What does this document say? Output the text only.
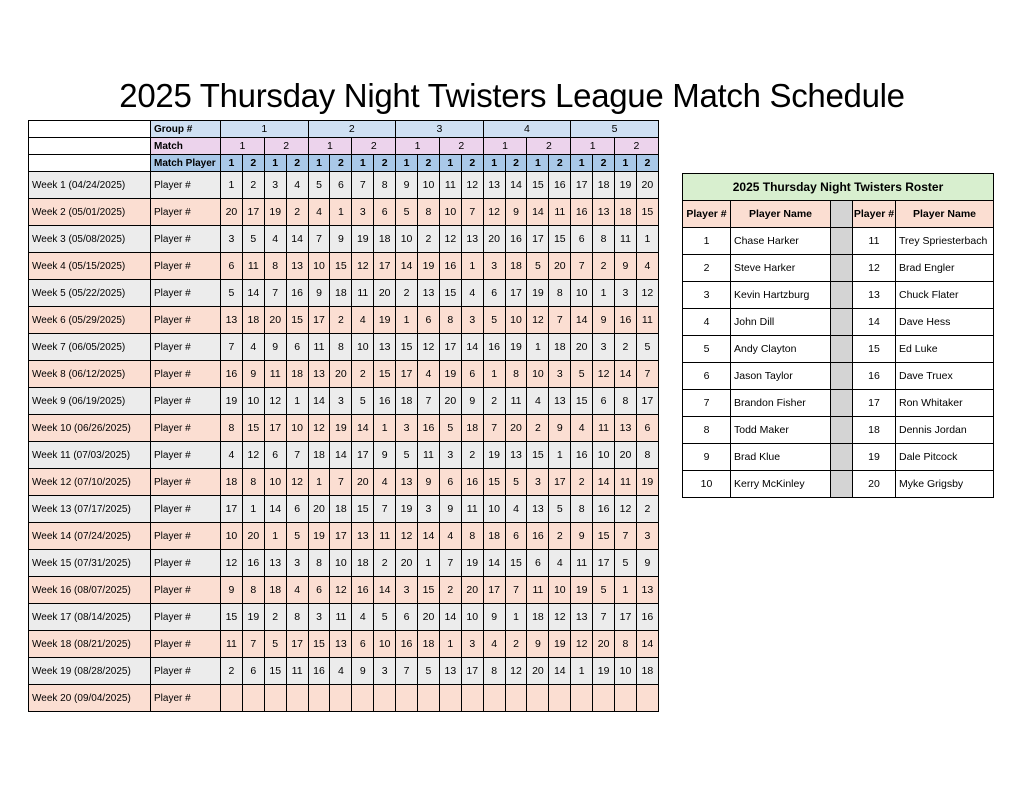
2025 Thursday Night Twisters League Match Schedule
	Group #	1				2				3				4				5			
	Match	1		2		1		2		1		2		1		2		1		2	
	Match Player	1	2	1	2	1	2	1	2	1	2	1	2	1	2	1	2	1	2	1	2
Week 1 (04/24/2025)	Player #	1	2	3	4	5	6	7	8	9	10	11	12	13	14	15	16	17	18	19	20
Week 2 (05/01/2025)	Player #	20	17	19	2	4	1	3	6	5	8	10	7	12	9	14	11	16	13	18	15
Week 3 (05/08/2025)	Player #	3	5	4	14	7	9	19	18	10	2	12	13	20	16	17	15	6	8	11	1
Week 4 (05/15/2025)	Player #	6	11	8	13	10	15	12	17	14	19	16	1	3	18	5	20	7	2	9	4
Week 5 (05/22/2025)	Player #	5	14	7	16	9	18	11	20	2	13	15	4	6	17	19	8	10	1	3	12
Week 6 (05/29/2025)	Player #	13	18	20	15	17	2	4	19	1	6	8	3	5	10	12	7	14	9	16	11
Week 7 (06/05/2025)	Player #	7	4	9	6	11	8	10	13	15	12	17	14	16	19	1	18	20	3	2	5
Week 8 (06/12/2025)	Player #	16	9	11	18	13	20	2	15	17	4	19	6	1	8	10	3	5	12	14	7
Week 9 (06/19/2025)	Player #	19	10	12	1	14	3	5	16	18	7	20	9	2	11	4	13	15	6	8	17
Week 10 (06/26/2025)	Player #	8	15	17	10	12	19	14	1	3	16	5	18	7	20	2	9	4	11	13	6
Week 11 (07/03/2025)	Player #	4	12	6	7	18	14	17	9	5	11	3	2	19	13	15	1	16	10	20	8
Week 12 (07/10/2025)	Player #	18	8	10	12	1	7	20	4	13	9	6	16	15	5	3	17	2	14	11	19
Week 13 (07/17/2025)	Player #	17	1	14	6	20	18	15	7	19	3	9	11	10	4	13	5	8	16	12	2
Week 14 (07/24/2025)	Player #	10	20	1	5	19	17	13	11	12	14	4	8	18	6	16	2	9	15	7	3
Week 15 (07/31/2025)	Player #	12	16	13	3	8	10	18	2	20	1	7	19	14	15	6	4	11	17	5	9
Week 16 (08/07/2025)	Player #	9	8	18	4	6	12	16	14	3	15	2	20	17	7	11	10	19	5	1	13
Week 17 (08/14/2025)	Player #	15	19	2	8	3	11	4	5	6	20	14	10	9	1	18	12	13	7	17	16
Week 18 (08/21/2025)	Player #	11	7	5	17	15	13	6	10	16	18	1	3	4	2	9	19	12	20	8	14
Week 19 (08/28/2025)	Player #	2	6	15	11	16	4	9	3	7	5	13	17	8	12	20	14	1	19	10	18
Week 20 (09/04/2025)	Player #																				
2025 Thursday Night Twisters Roster				
Player #	Player Name		Player #	Player Name
1	Chase Harker		11	Trey Spriesterbach
2	Steve Harker		12	Brad Engler
3	Kevin Hartzburg		13	Chuck Flater
4	John Dill		14	Dave Hess
5	Andy Clayton		15	Ed Luke
6	Jason Taylor		16	Dave Truex
7	Brandon Fisher		17	Ron Whitaker
8	Todd Maker		18	Dennis Jordan
9	Brad Klue		19	Dale Pitcock
10	Kerry McKinley		20	Myke Grigsby
